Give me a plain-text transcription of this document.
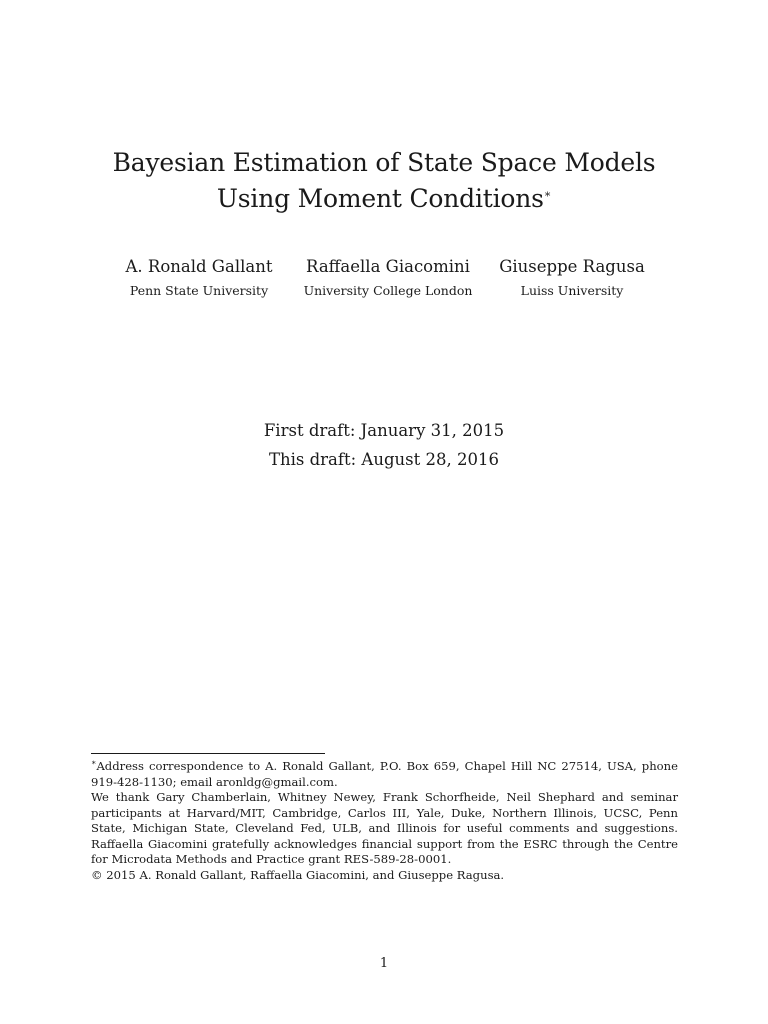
Bayesian Estimation of State Space Models
Using Moment Conditions∗
A. Ronald Gallant
Penn State University
Raffaella Giacomini
University College London
Giuseppe Ragusa
Luiss University
First draft: January 31, 2015
This draft: August 28, 2016

∗Address correspondence to A. Ronald Gallant, P.O. Box 659, Chapel Hill NC 27514, USA, phone 919-428-1130; email aronldg@gmail.com.

We thank Gary Chamberlain, Whitney Newey, Frank Schorfheide, Neil Shephard and seminar participants at Harvard/MIT, Cambridge, Carlos III, Yale, Duke, Northern Illinois, UCSC, Penn State, Michigan State, Cleveland Fed, ULB, and Illinois for useful comments and suggestions. Raffaella Giacomini gratefully acknowledges financial support from the ESRC through the Centre for Microdata Methods and Practice grant RES-589-28-0001.

© 2015 A. Ronald Gallant, Raffaella Giacomini, and Giuseppe Ragusa.

1
